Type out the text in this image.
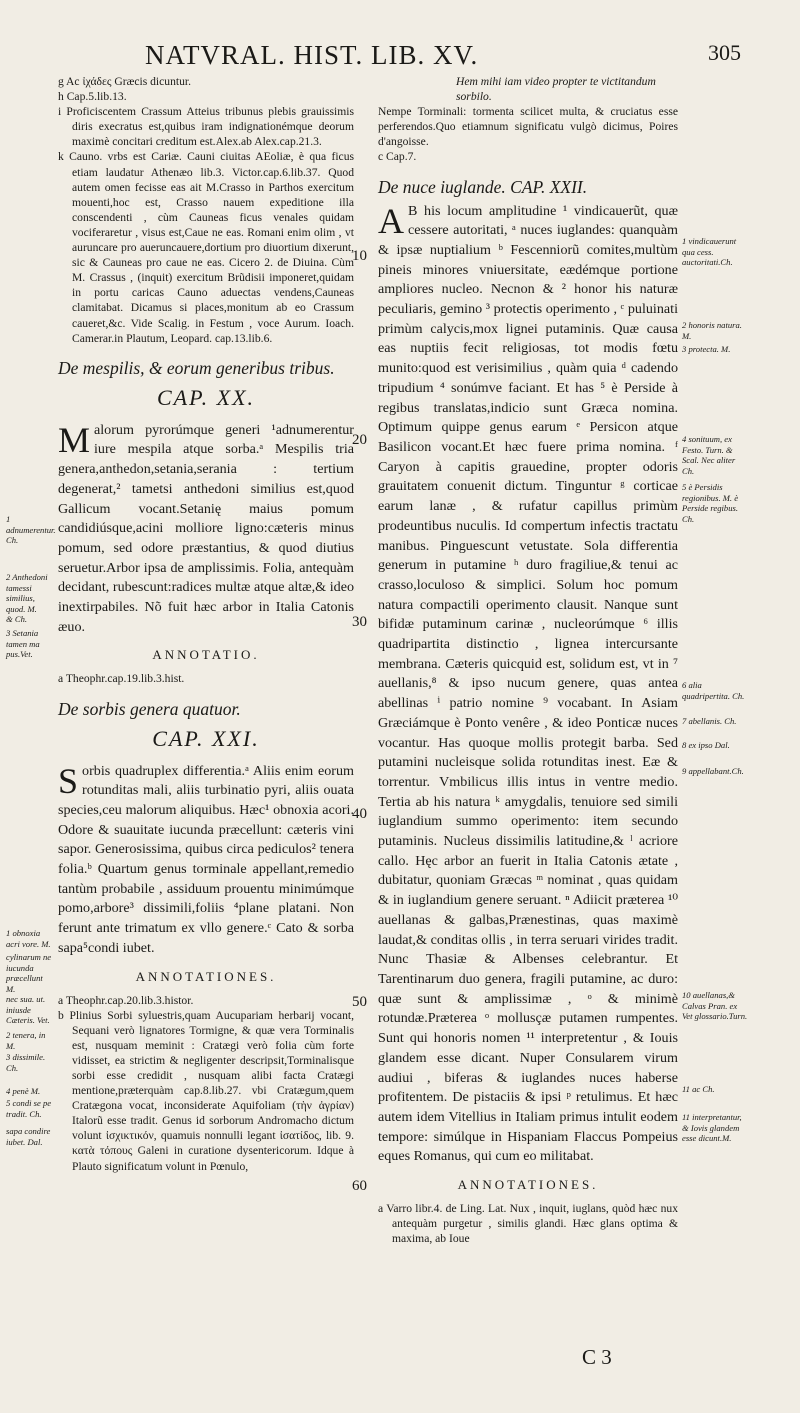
NATVRAL. HIST. LIB. XV.	305

g Ac ἰχάδες Græcis dicuntur.

h Cap.5.lib.13.

i Proficiscentem Crassum Atteius tribunus plebis grauissimis diris execratus est,quibus iram indignationémque deorum maximè concitari creditum est.Alex.ab Alex.cap.21.3.

k Cauno. vrbs est Cariæ. Cauni ciuitas AEoliæ, è qua ficus etiam laudatur Athenæo lib.3. Victor.cap.6.lib.37. Quod autem omen fecisse eas ait M.Crasso in Parthos exercitum mouenti,hoc est, Crasso nauem expeditione illa conscendenti , cùm Cauneas ficus venales quidam vociferaretur , visus est,Caue ne eas. Romani enim olim , vt auruncare pro aueruncauere,dortium pro diuortium dixerunt, sic & Cauneas pro caue ne eas. Cicero 2. de Diuina. Cùm M. Crassus , (inquit) exercitum Brũdisii imponeret,quidam in portu caricas Cauno aduectas vendens,Cauneas clamitabat. Dicamus si places,monitum ab eo Crassum caueret,&c. Vide Scalig. in Festum , voce Aurum. Ioach. Camerar.in Plautum, Leopard. cap.13.lib.6.

De mespilis, & eorum generibus tribus.
CAP. XX.

Malorum pyrorúmque generi ¹adnumerentur iure mespila atque sorba.ᵃ Mespilis tria genera,anthedon,setania,serania : tertium degenerat,² tametsi anthedoni similius est,quod Gallicum vocant.Setanię maius pomum candidiúsque,acini molliore ligno:cæteris minus pomum, sed odore præstantius, & quod diutius seruetur.Arbor ipsa de amplissimis. Folia, antequàm decidant, rubescunt:radices multæ atque altæ,& ideo inextirpabiles. Nõ fuit hæc arbor in Italia Catonis æuo.

ANNOTATIO.

a Theophr.cap.19.lib.3.hist.

De sorbis genera quatuor.
CAP. XXI.

Sorbis quadruplex differentia.ᵃ Aliis enim eorum rotunditas mali, aliis turbinatio pyri, aliis ouata species,ceu malorum aliquibus. Hæc¹ obnoxia acori. Odore & suauitate iucunda præcellunt: cæteris vini sapor. Generosissima, quibus circa pediculos² tenera folia.ᵇ Quartum genus torminale appellant,remedio tantùm probabile , assiduum prouentu minimúmque pomo,arbore³ dissimili,foliis ⁴plane platani. Non ferunt ante trimatum ex vllo genere.ᶜ Cato & sorba sapa⁵condi iubet.

ANNOTATIONES.

a Theophr.cap.20.lib.3.histor.

b Plinius Sorbi syluestris,quam Aucupariam herbarij vocant, Sequani verò lignatores Tormigne, & quæ vera Torminalis est, nusquam meminit : Cratægi verò folia cùm forte vidisset, ea strictim & negligenter descripsit,Torminalisque sorbi esse credidit , nusquam alibi facta Cratægi mentione,præterquàm cap.8.lib.27. vbi Cratægum,quem Cratægona vocat, inconsiderate Aquifoliam (τὴν ἀγρίαν) Italorũ esse tradit. Genus id sorborum Andromacho dictum volunt ἰσχικτικόν, quamuis nonnulli legant ἰσατίδος, lib. 9. κατὰ τόπους Galeni in curatione dysentericorum. Idque à Plauto significatum volunt in Pœnulo,

Hem mihi iam video propter te victitandum

sorbilo.

Nempe Torminali: tormenta scilicet multa, & cruciatus esse perferendos.Quo etiamnum significatu vulgò dicimus, Poires d'angoisse.

c Cap.7.

De nuce iuglande. CAP. XXII.

A B his locum amplitudine ¹ vindicauerũt, quæ cessere autoritati, ᵃ nuces iuglandes: quanquàm & ipsæ nuptialium ᵇ Fescenniorũ comites,multùm pineis minores vniuersitate, eædémque portione ampliores nucleo. Necnon & ² honor his naturæ peculiaris, gemino ³ protectis operimento , ᶜ puluinati primùm calycis,mox lignei putaminis. Quæ causa eas nuptiis fecit religiosas, tot modis fœtu munito:quod est verisimilius , quàm quia ᵈ cadendo tripudium ⁴ sonúmve faciant. Et has ⁵ è Perside à regibus translatas,indicio sunt Græca nomina. Optimum quippe genus earum ᵉ Persicon atque Basilicon vocant.Et hæc fuere prima nomina. ᶠ Caryon à capitis grauedine, propter odoris grauitatem conuenit dictum. Tinguntur ᵍ corticae earum lanæ , & rufatur capillus primùm prodeuntibus nuculis. Id compertum infectis tractatu manibus. Pinguescunt vetustate. Sola differentia generum in putamine ʰ duro fragiliue,& tenui ac crasso,loculoso & simplici. Solum hoc pomum natura compactili operimento clausit. Nanque sunt bifidæ putaminum carinæ , nucleorúmque ⁶ illis quadripartita distinctio , lignea intercursante membrana. Cæteris quicquid est, solidum est, vt in ⁷ auellanis,⁸ & ipso nucum genere, quas antea abellinas ⁱ patrio nomine ⁹ vocabant. In Asiam Græciámque è Ponto venêre , & ideo Ponticæ nuces vocantur. Has quoque mollis protegit barba. Sed putamini nucleisque solida rotunditas inest. Eæ & torrentur. Vmbilicus illis intus in ventre medio. Tertia ab his natura ᵏ amygdalis, tenuiore sed simili iuglandium summo operimento: item secundo putaminis. Nucleus dissimilis latitudine,& ˡ acriore callo. Hęc arbor an fuerit in Italia Catonis ætate , dubitatur, quoniam Græcas ᵐ nominat , quas quidam & in iuglandium genere seruant. ⁿ Adiicit præterea ¹⁰ auellanas & galbas,Prænestinas, quas maximè laudat,& conditas ollis , in terra seruari virides tradit. Nunc Thasiæ & Albenses celebrantur. Et Tarentinarum duo genera, fragili putamine, ac duro: quæ sunt & amplissimæ , ᵒ & minimè rotundæ.Præterea ᵒ mollusçæ putamen rumpentes. Sunt qui honoris nomen ¹¹ interpretentur , & Iouis glandem esse dicant. Nuper Consularem virum audiui , biferas & iuglandes nuces haberse profitentem. De pistaciis & ipsi ᵖ retulimus. Et hæc autem idem Vitellius in Italiam primus intulit eodem tempore: simúlque in Hispaniam Flaccus Pompeius eques Romanus, qui cum eo militabat.

ANNOTATIONES.

a Varro libr.4. de Ling. Lat. Nux , inquit, iuglans, quòd hæc nux antequàm purgetur , similis glandi. Hæc glans optima & maxima, ab Ioue

10
20
30
40
50
60
1 adnumerentur. Ch.
2 Anthedoni tamessi similius, quod. M.
& Ch.
3 Setania tamen ma pus.Vet.
1 obnoxia acri vore. M.
cylinarum ne iucunda præcellunt M.
nec sua. ut. iniusde Cæteris. Vet.
2 tenera, in M.
3 dissimile. Ch.
4 penè M.
5 condi se pe tradit. Ch.
sapa condire iubet. Dal.
1 vindicauerunt qua cess. auctoritati.Ch.
2 honoris natura. M.
3 protecta. M.
4 sonituum, ex Festo. Turn. & Scal. Nec aliter Ch.
5 è Persidis regionibus. M. è Perside regibus. Ch.
6 alia quadripertita. Ch.
7 abellanis. Ch.
8 ex ipso Dal.
9 appellabant.Ch.
10 auellanas,& Calvas Pran. ex Vet glossario.Turn.
11 ac Ch.
11 interpretantur, & Iovis glandem esse dicunt.M.
C 3
